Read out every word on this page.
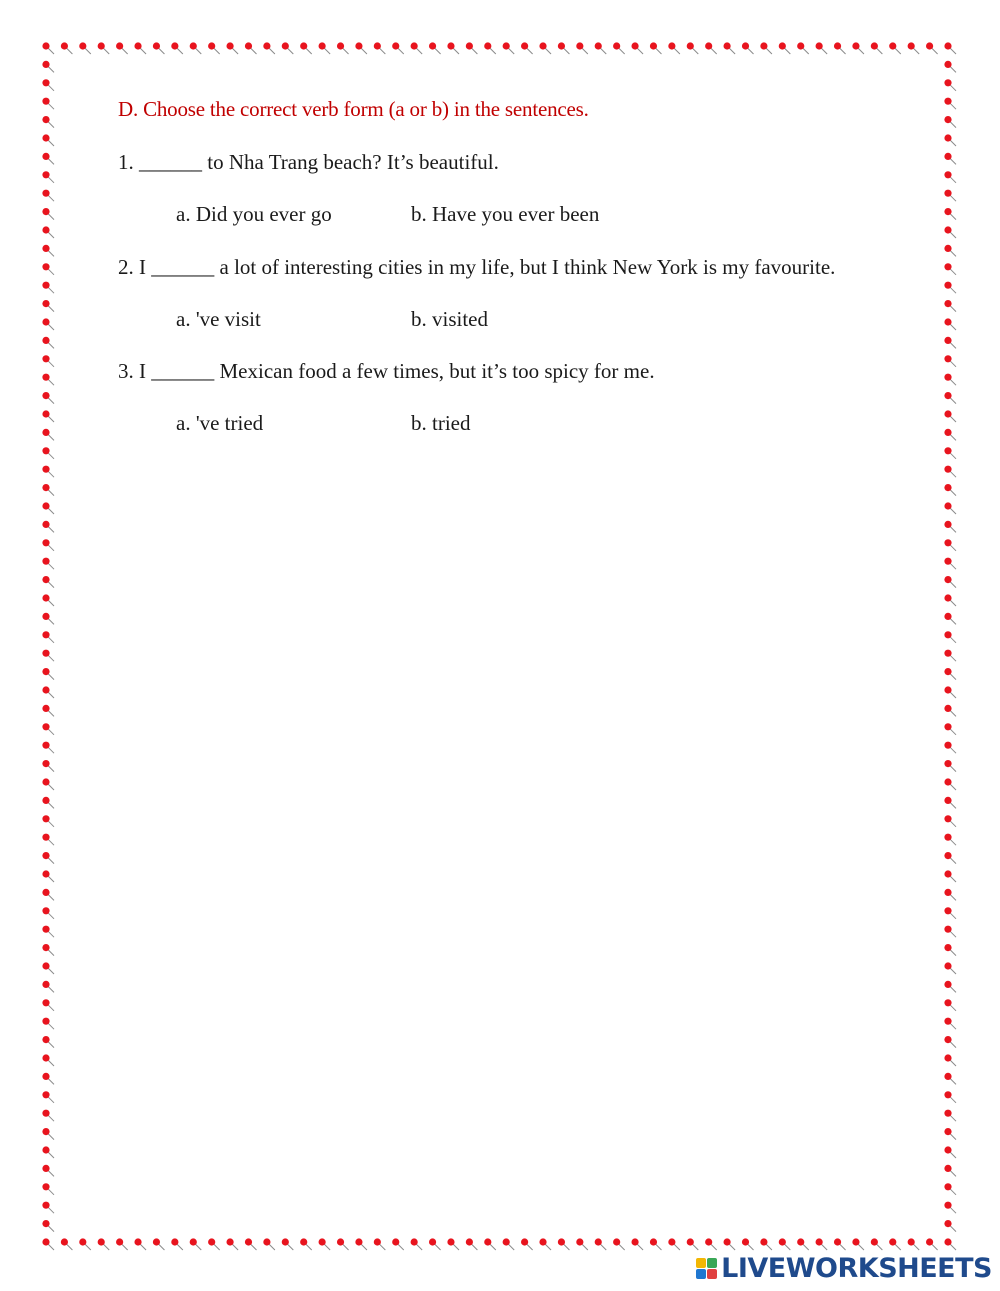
D. Choose the correct verb form (a or b) in the sentences.
1. ______ to Nha Trang beach? It’s beautiful.
a. Did you ever go	b. Have you ever been
2. I ______ a lot of interesting cities in my life, but I think New York is my favourite.
a. 've visit	b. visited
3. I ______ Mexican food a few times, but it’s too spicy for me.
a. 've tried	b. tried
LIVEWORKSHEETS
